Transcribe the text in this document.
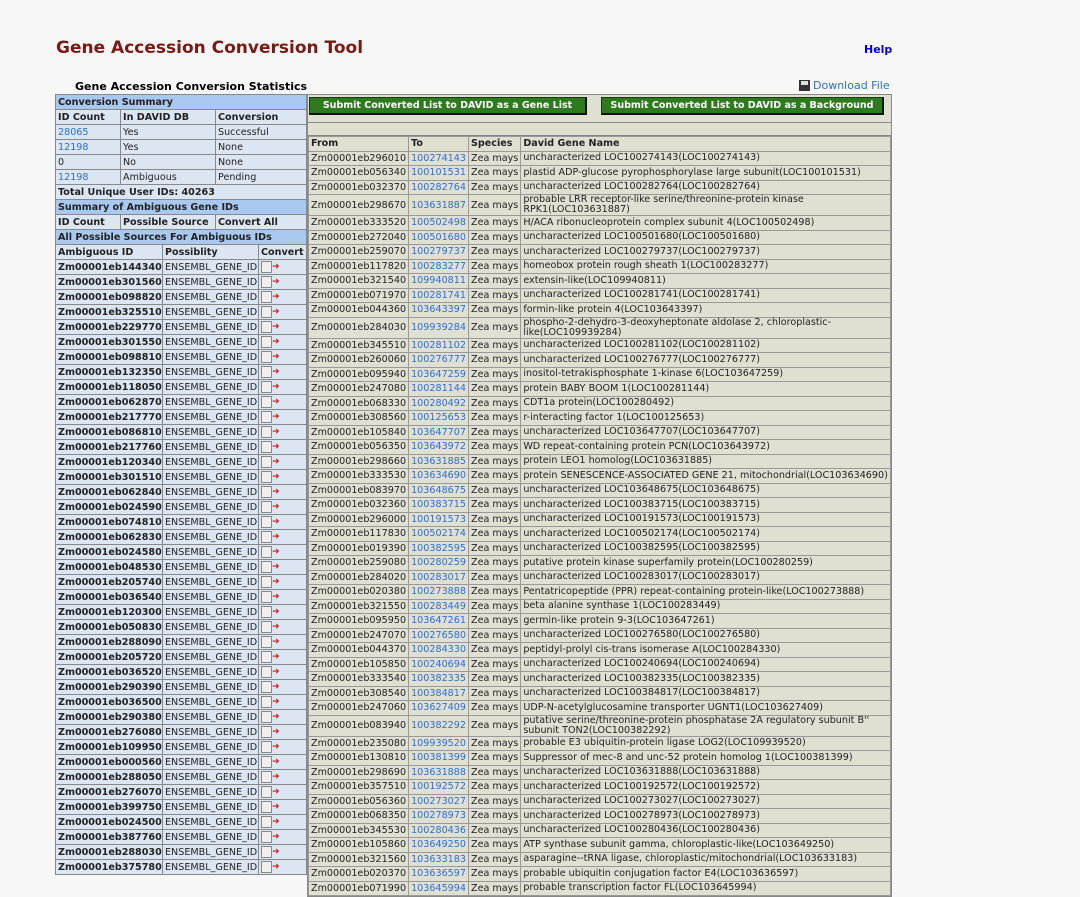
Gene Accession Conversion Tool	Help
Gene Accession Conversion Statistics	Download File
Conversion Summary				
ID Count	In DAVID DB		Conversion	
28065	Yes		Successful	
12198	Yes		None	
0	No		None	
12198	Ambiguous		Pending	
Total Unique User IDs: 40263				
Summary of Ambiguous Gene IDs				
ID Count	Possible Source		Convert All	
All Possible Sources For Ambiguous IDs				
Ambiguous ID		Possiblity		Convert
Zm00001eb144340		ENSEMBL_GENE_ID		➜
Zm00001eb301560		ENSEMBL_GENE_ID		➜
Zm00001eb098820		ENSEMBL_GENE_ID		➜
Zm00001eb325510		ENSEMBL_GENE_ID		➜
Zm00001eb229770		ENSEMBL_GENE_ID		➜
Zm00001eb301550		ENSEMBL_GENE_ID		➜
Zm00001eb098810		ENSEMBL_GENE_ID		➜
Zm00001eb132350		ENSEMBL_GENE_ID		➜
Zm00001eb118050		ENSEMBL_GENE_ID		➜
Zm00001eb062870		ENSEMBL_GENE_ID		➜
Zm00001eb217770		ENSEMBL_GENE_ID		➜
Zm00001eb086810		ENSEMBL_GENE_ID		➜
Zm00001eb217760		ENSEMBL_GENE_ID		➜
Zm00001eb120340		ENSEMBL_GENE_ID		➜
Zm00001eb301510		ENSEMBL_GENE_ID		➜
Zm00001eb062840		ENSEMBL_GENE_ID		➜
Zm00001eb024590		ENSEMBL_GENE_ID		➜
Zm00001eb074810		ENSEMBL_GENE_ID		➜
Zm00001eb062830		ENSEMBL_GENE_ID		➜
Zm00001eb024580		ENSEMBL_GENE_ID		➜
Zm00001eb048530		ENSEMBL_GENE_ID		➜
Zm00001eb205740		ENSEMBL_GENE_ID		➜
Zm00001eb036540		ENSEMBL_GENE_ID		➜
Zm00001eb120300		ENSEMBL_GENE_ID		➜
Zm00001eb050830		ENSEMBL_GENE_ID		➜
Zm00001eb288090		ENSEMBL_GENE_ID		➜
Zm00001eb205720		ENSEMBL_GENE_ID		➜
Zm00001eb036520		ENSEMBL_GENE_ID		➜
Zm00001eb290390		ENSEMBL_GENE_ID		➜
Zm00001eb036500		ENSEMBL_GENE_ID		➜
Zm00001eb290380		ENSEMBL_GENE_ID		➜
Zm00001eb276080		ENSEMBL_GENE_ID		➜
Zm00001eb109950		ENSEMBL_GENE_ID		➜
Zm00001eb000560		ENSEMBL_GENE_ID		➜
Zm00001eb288050		ENSEMBL_GENE_ID		➜
Zm00001eb276070		ENSEMBL_GENE_ID		➜
Zm00001eb399750		ENSEMBL_GENE_ID		➜
Zm00001eb024500		ENSEMBL_GENE_ID		➜
Zm00001eb387760		ENSEMBL_GENE_ID		➜
Zm00001eb288030		ENSEMBL_GENE_ID		➜
Zm00001eb375780		ENSEMBL_GENE_ID		➜
Submit Converted List to DAVID as a Gene List	Submit Converted List to DAVID as a Background
From	To	Species	David Gene Name
Zm00001eb296010	100274143	Zea mays	uncharacterized LOC100274143(LOC100274143)
Zm00001eb056340	100101531	Zea mays	plastid ADP-glucose pyrophosphorylase large subunit(LOC100101531)
Zm00001eb032370	100282764	Zea mays	uncharacterized LOC100282764(LOC100282764)
Zm00001eb298670	103631887	Zea mays	probable LRR receptor-like serine/threonine-protein kinase RPK1(LOC103631887)
Zm00001eb333520	100502498	Zea mays	H/ACA ribonucleoprotein complex subunit 4(LOC100502498)
Zm00001eb272040	100501680	Zea mays	uncharacterized LOC100501680(LOC100501680)
Zm00001eb259070	100279737	Zea mays	uncharacterized LOC100279737(LOC100279737)
Zm00001eb117820	100283277	Zea mays	homeobox protein rough sheath 1(LOC100283277)
Zm00001eb321540	109940811	Zea mays	extensin-like(LOC109940811)
Zm00001eb071970	100281741	Zea mays	uncharacterized LOC100281741(LOC100281741)
Zm00001eb044360	103643397	Zea mays	formin-like protein 4(LOC103643397)
Zm00001eb284030	109939284	Zea mays	phospho-2-dehydro-3-deoxyheptonate aldolase 2, chloroplastic-like(LOC109939284)
Zm00001eb345510	100281102	Zea mays	uncharacterized LOC100281102(LOC100281102)
Zm00001eb260060	100276777	Zea mays	uncharacterized LOC100276777(LOC100276777)
Zm00001eb095940	103647259	Zea mays	inositol-tetrakisphosphate 1-kinase 6(LOC103647259)
Zm00001eb247080	100281144	Zea mays	protein BABY BOOM 1(LOC100281144)
Zm00001eb068330	100280492	Zea mays	CDT1a protein(LOC100280492)
Zm00001eb308560	100125653	Zea mays	r-interacting factor 1(LOC100125653)
Zm00001eb105840	103647707	Zea mays	uncharacterized LOC103647707(LOC103647707)
Zm00001eb056350	103643972	Zea mays	WD repeat-containing protein PCN(LOC103643972)
Zm00001eb298660	103631885	Zea mays	protein LEO1 homolog(LOC103631885)
Zm00001eb333530	103634690	Zea mays	protein SENESCENCE-ASSOCIATED GENE 21, mitochondrial(LOC103634690)
Zm00001eb083970	103648675	Zea mays	uncharacterized LOC103648675(LOC103648675)
Zm00001eb032360	100383715	Zea mays	uncharacterized LOC100383715(LOC100383715)
Zm00001eb296000	100191573	Zea mays	uncharacterized LOC100191573(LOC100191573)
Zm00001eb117830	100502174	Zea mays	uncharacterized LOC100502174(LOC100502174)
Zm00001eb019390	100382595	Zea mays	uncharacterized LOC100382595(LOC100382595)
Zm00001eb259080	100280259	Zea mays	putative protein kinase superfamily protein(LOC100280259)
Zm00001eb284020	100283017	Zea mays	uncharacterized LOC100283017(LOC100283017)
Zm00001eb020380	100273888	Zea mays	Pentatricopeptide (PPR) repeat-containing protein-like(LOC100273888)
Zm00001eb321550	100283449	Zea mays	beta alanine synthase 1(LOC100283449)
Zm00001eb095950	103647261	Zea mays	germin-like protein 9-3(LOC103647261)
Zm00001eb247070	100276580	Zea mays	uncharacterized LOC100276580(LOC100276580)
Zm00001eb044370	100284330	Zea mays	peptidyl-prolyl cis-trans isomerase A(LOC100284330)
Zm00001eb105850	100240694	Zea mays	uncharacterized LOC100240694(LOC100240694)
Zm00001eb333540	100382335	Zea mays	uncharacterized LOC100382335(LOC100382335)
Zm00001eb308540	100384817	Zea mays	uncharacterized LOC100384817(LOC100384817)
Zm00001eb247060	103627409	Zea mays	UDP-N-acetylglucosamine transporter UGNT1(LOC103627409)
Zm00001eb083940	100382292	Zea mays	putative serine/threonine-protein phosphatase 2A regulatory subunit B'' subunit TON2(LOC100382292)
Zm00001eb235080	109939520	Zea mays	probable E3 ubiquitin-protein ligase LOG2(LOC109939520)
Zm00001eb130810	100381399	Zea mays	Suppressor of mec-8 and unc-52 protein homolog 1(LOC100381399)
Zm00001eb298690	103631888	Zea mays	uncharacterized LOC103631888(LOC103631888)
Zm00001eb357510	100192572	Zea mays	uncharacterized LOC100192572(LOC100192572)
Zm00001eb056360	100273027	Zea mays	uncharacterized LOC100273027(LOC100273027)
Zm00001eb068350	100278973	Zea mays	uncharacterized LOC100278973(LOC100278973)
Zm00001eb345530	100280436	Zea mays	uncharacterized LOC100280436(LOC100280436)
Zm00001eb105860	103649250	Zea mays	ATP synthase subunit gamma, chloroplastic-like(LOC103649250)
Zm00001eb321560	103633183	Zea mays	asparagine--tRNA ligase, chloroplastic/mitochondrial(LOC103633183)
Zm00001eb020370	103636597	Zea mays	probable ubiquitin conjugation factor E4(LOC103636597)
Zm00001eb071990	103645994	Zea mays	probable transcription factor FL(LOC103645994)
